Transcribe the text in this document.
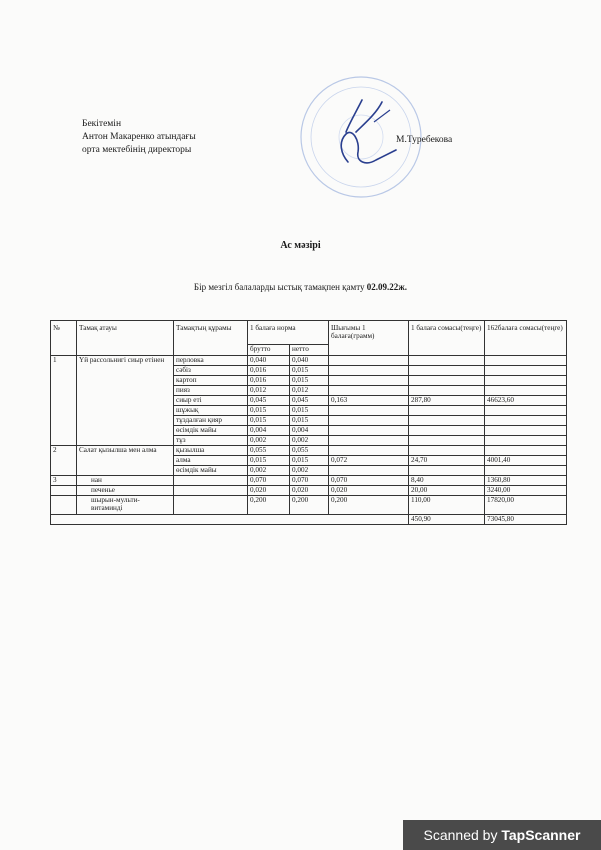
Бекітемін
Антон Макаренко атындағы
орта мектебінің директоры
М.Туребекова
Ас мәзірі
Бір мезгіл балаларды ыстық тамақпен қамту 02.09.22ж.
№	Тамақ атауы	Тамақтың құрамы	1 балаға норма		Шығымы 1 балаға(грамм)	1 балаға сомасы(теңге)	162балаға сомасы(теңге)
			брутто	нетто			
1	Үй рассольнигі сиыр етінен	перловка	0,040	0,040			
		сәбіз	0,016	0,015			
		картоп	0,016	0,015			
		пияз	0,012	0,012			
		сиыр еті	0,045	0,045	0,163	287,80	46623,60
		шұжық	0,015	0,015			
		тұздалған қияр	0,015	0,015			
		өсімдік майы	0,004	0,004			
		тұз	0,002	0,002			
2	Салат қызылша мен алма	қызылша	0,055	0,055			
		алма	0,015	0,015	0,072	24,70	4001,40
		өсімдік майы	0,002	0,002			
3	нан		0,070	0,070	0,070	8,40	1360,80
	печенье		0,020	0,020	0,020	20,00	3240,00
	шырын-мульти-витаминді		0,200	0,200	0,200	110,00	17820,00
						450,90	73045,80
Scanned by TapScanner
